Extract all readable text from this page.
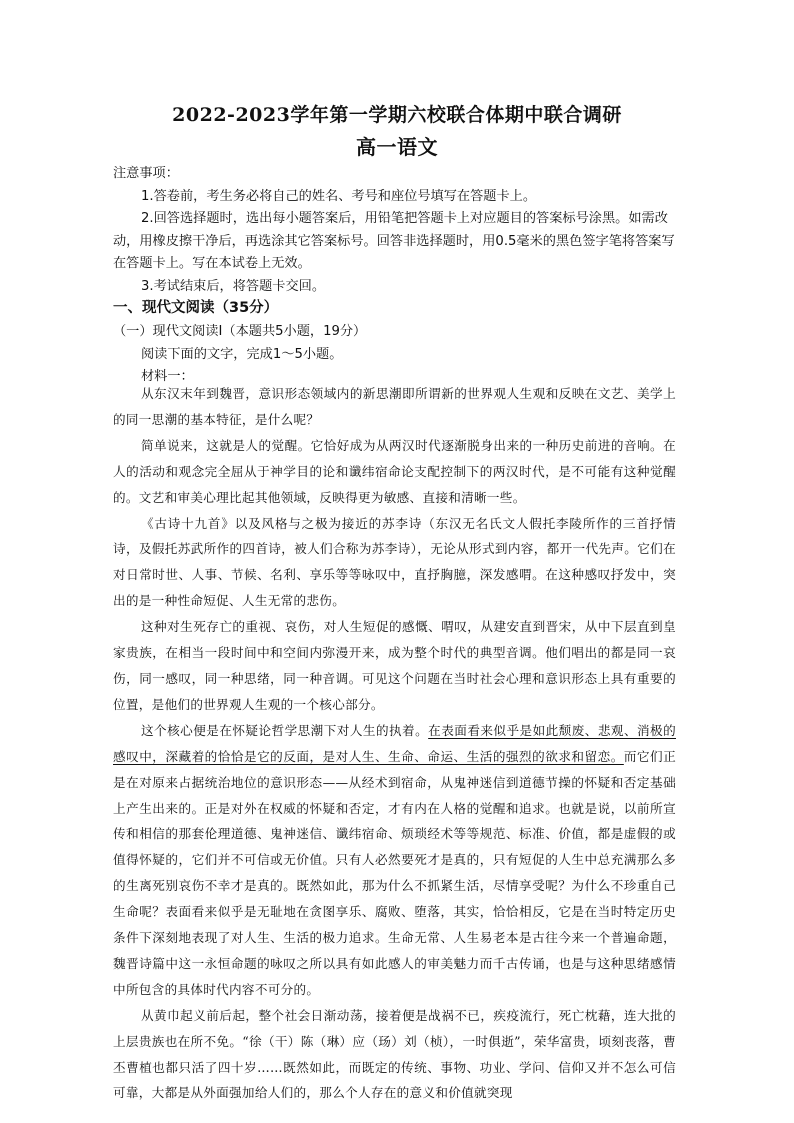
2022-2023学年第一学期六校联合体期中联合调研
高一语文

注意事项：

1.答卷前，考生务必将自己的姓名、考号和座位号填写在答题卡上。

2.回答选择题时，选出每小题答案后，用铅笔把答题卡上对应题目的答案标号涂黑。如需改动，用橡皮擦干净后，再选涂其它答案标号。回答非选择题时，用0.5毫米的黑色签字笔将答案写在答题卡上。写在本试卷上无效。

3.考试结束后，将答题卡交回。

一、现代文阅读（35分）

（一）现代文阅读Ⅰ（本题共5小题，19分）

阅读下面的文字，完成1～5小题。

材料一：

从东汉末年到魏晋，意识形态领域内的新思潮即所谓新的世界观人生观和反映在文艺、美学上的同一思潮的基本特征，是什么呢？

简单说来，这就是人的觉醒。它恰好成为从两汉时代逐渐脱身出来的一种历史前进的音响。在人的活动和观念完全屈从于神学目的论和谶纬宿命论支配控制下的两汉时代，是不可能有这种觉醒的。文艺和审美心理比起其他领域，反映得更为敏感、直接和清晰一些。

《古诗十九首》以及风格与之极为接近的苏李诗（东汉无名氏文人假托李陵所作的三首抒情诗，及假托苏武所作的四首诗，被人们合称为苏李诗），无论从形式到内容，都开一代先声。它们在对日常时世、人事、节候、名利、享乐等等咏叹中，直抒胸臆，深发感喟。在这种感叹抒发中，突出的是一种性命短促、人生无常的悲伤。

这种对生死存亡的重视、哀伤，对人生短促的感慨、喟叹，从建安直到晋宋，从中下层直到皇家贵族，在相当一段时间中和空间内弥漫开来，成为整个时代的典型音调。他们唱出的都是同一哀伤，同一感叹，同一种思绪，同一种音调。可见这个问题在当时社会心理和意识形态上具有重要的位置，是他们的世界观人生观的一个核心部分。

这个核心便是在怀疑论哲学思潮下对人生的执着。在表面看来似乎是如此颓废、悲观、消极的感叹中，深藏着的恰恰是它的反面，是对人生、生命、命运、生活的强烈的欲求和留恋。而它们正是在对原来占据统治地位的意识形态——从经术到宿命，从鬼神迷信到道德节操的怀疑和否定基础上产生出来的。正是对外在权威的怀疑和否定，才有内在人格的觉醒和追求。也就是说，以前所宣传和相信的那套伦理道德、鬼神迷信、谶纬宿命、烦琐经术等等规范、标准、价值，都是虚假的或值得怀疑的，它们并不可信或无价值。只有人必然要死才是真的，只有短促的人生中总充满那么多的生离死别哀伤不幸才是真的。既然如此，那为什么不抓紧生活，尽情享受呢？为什么不珍重自己生命呢？表面看来似乎是无耻地在贪图享乐、腐败、堕落，其实，恰恰相反，它是在当时特定历史条件下深刻地表现了对人生、生活的极力追求。生命无常、人生易老本是古往今来一个普遍命题，魏晋诗篇中这一永恒命题的咏叹之所以具有如此感人的审美魅力而千古传诵，也是与这种思绪感情中所包含的具体时代内容不可分的。

从黄巾起义前后起，整个社会日渐动荡，接着便是战祸不已，疾疫流行，死亡枕藉，连大批的上层贵族也在所不免。“徐（干）陈（琳）应（玚）刘（桢），一时俱逝”，荣华富贵，顷刻丧落，曹丕曹植也都只活了四十岁……既然如此，而既定的传统、事物、功业、学问、信仰又并不怎么可信可靠，大都是从外面强加给人们的，那么个人存在的意义和价值就突现
